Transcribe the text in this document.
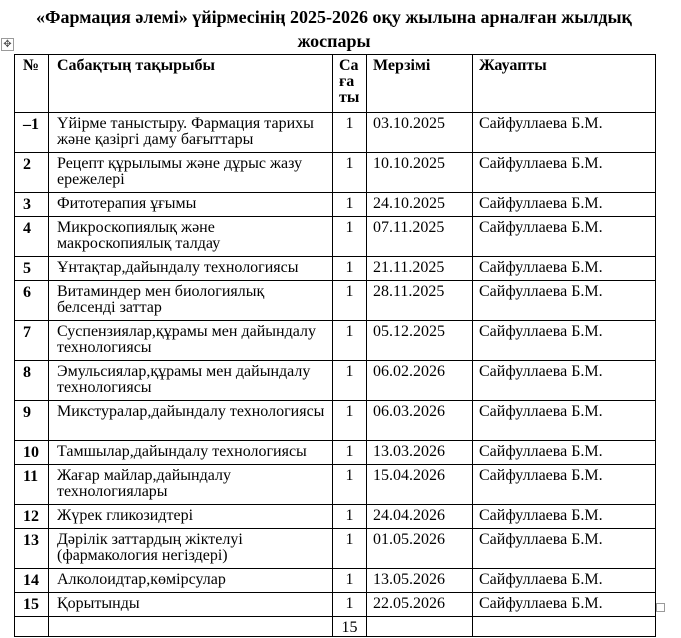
✥
«Фармация әлемі» үйірмесінің 2025-2026 оқу жылына арналған жылдық жоспары
№	Сабақтың тақырыбы	Са ға ты	Мерзімі	Жауапты
–1	Үйірме таныстыру. Фармация тарихы және қазіргі даму бағыттары	1	03.10.2025	Сайфуллаева Б.М.
2	Рецепт құрылымы және дұрыс жазу ережелері	1	10.10.2025	Сайфуллаева Б.М.
3	Фитотерапия ұғымы	1	24.10.2025	Сайфуллаева Б.М.
4	Микроскопиялық және макроскопиялық талдау	1	07.11.2025	Сайфуллаева Б.М.
5	Ұнтақтар,дайындалу технологиясы	1	21.11.2025	Сайфуллаева Б.М.
6	Витаминдер мен биологиялық белсенді заттар	1	28.11.2025	Сайфуллаева Б.М.
7	Суспензиялар,құрамы мен дайындалу технологиясы	1	05.12.2025	Сайфуллаева Б.М.
8	Эмульсиялар,құрамы мен дайындалу технологиясы	1	06.02.2026	Сайфуллаева Б.М.
9	Микстуралар,дайындалу технологиясы	1	06.03.2026	Сайфуллаева Б.М.
10	Тамшылар,дайындалу технологиясы	1	13.03.2026	Сайфуллаева Б.М.
11	Жағар майлар,дайындалу технологиялары	1	15.04.2026	Сайфуллаева Б.М.
12	Жүрек гликозидтері	1	24.04.2026	Сайфуллаева Б.М.
13	Дәрілік заттардың жіктелуі (фармакология негіздері)	1	01.05.2026	Сайфуллаева Б.М.
14	Алколоидтар,көмірсулар	1	13.05.2026	Сайфуллаева Б.М.
15	Қорытынды	1	22.05.2026	Сайфуллаева Б.М.
		15		
